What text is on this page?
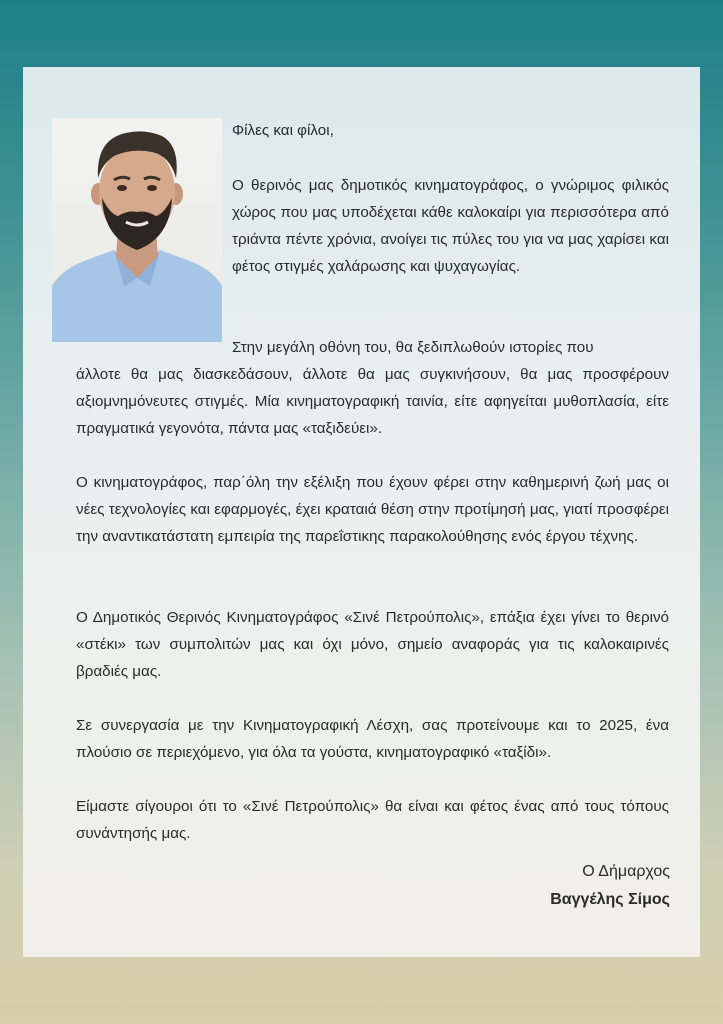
Φίλες και φίλοι,

Ο θερινός μας δημοτικός κινηματογράφος, ο γνώριμος φιλικός χώρος που μας υποδέχεται κάθε καλοκαίρι για περισσότερα από τριάντα πέντε χρόνια, ανοίγει τις πύλες του για να μας χαρίσει και φέτος στιγμές χαλάρωσης και ψυχαγωγίας.

Στην μεγάλη οθόνη του, θα ξεδιπλωθούν ιστορίες που

άλλοτε θα μας διασκεδάσουν, άλλοτε θα μας συγκινήσουν, θα μας προσφέρουν αξιομνημόνευτες στιγμές. Μία κινηματογραφική ταινία, είτε αφηγείται μυθοπλασία, είτε πραγματικά γεγονότα, πάντα μας «ταξιδεύει».

Ο κινηματογράφος, παρ΄όλη την εξέλιξη που έχουν φέρει στην καθημερινή ζωή μας οι νέες τεχνολογίες και εφαρμογές, έχει κραταιά θέση στην προτίμησή μας, γιατί προσφέρει την αναντικατάστατη εμπειρία της παρεΐστικης παρακολούθησης ενός έργου τέχνης.

Ο Δημοτικός Θερινός Κινηματογράφος «Σινέ Πετρούπολις», επάξια έχει γίνει το θερινό «στέκι» των συμπολιτών μας και όχι μόνο, σημείο αναφοράς για τις καλοκαιρινές βραδιές μας.

Σε συνεργασία με την Κινηματογραφική Λέσχη, σας προτείνουμε και το 2025, ένα πλούσιο σε περιεχόμενο, για όλα τα γούστα, κινηματογραφικό «ταξίδι».

Είμαστε σίγουροι ότι το «Σινέ Πετρούπολις» θα είναι και φέτος ένας από τους τόπους συνάντησής μας.

Ο Δήμαρχος
Βαγγέλης Σίμος
